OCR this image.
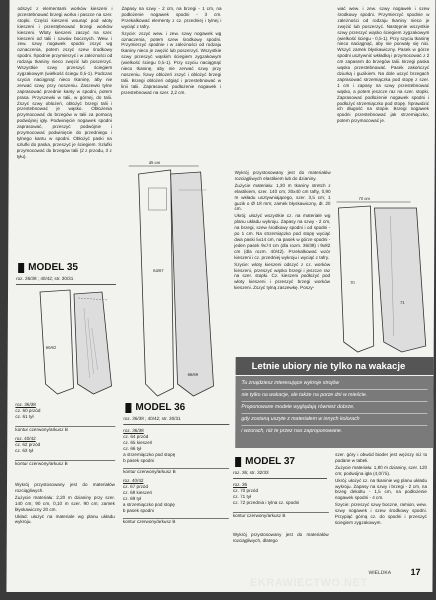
odszyć z elementami worków kieszeni i przestebnować brzegi worka i paszce na szer. stopki. Części kieszeni wsunąć pod wloty kieszeni i przestębnować brzegi worków kieszeni. Wloty kieszeni zaszyć na szer. kieszeni od talii i szwów bocznych. Wew. i zew. szwy nogawek spodni zszyć wg oznaczenia, potem zszyć szew środkowy spodni. Spodnie przymierzyć i w zależności od rodzaju tkaniny nieco zwężić lub poszerzyć. Wszystkie szwy przeszyć ściegiem zygzakowym (wielkość ściegu 0,5-1). Podczas szycia naciągnąć nieco tkaninę, aby nie zerwać szwy przy noszeniu. Zaszewki tylne zaprasować przednie kanty w spodni, potem prasa. Przyszewki w talii, w górnej, do talii. Zszyć szwy oblożeń, oblożyć brzegi talii i przestebnować je wąsko. Oblożenia przymocować do brzegów w talii za pomocą podwójnej igły. Podwinięcie nogawek spodni zaprasować, przeszyć podwójnie i przymocować podwinięcie do przedniego i tylnego kantu w spodni. Oblożyć paski na szlufki do paska, przeszyć je ściegiem. Szlufki przymocować do brzegów talii (2 z przodu, 3 z tyłu).

MODEL 35
roz. 36/38 ; 40/42; str. 30/31
60/62
roz. 36/38
cz. 60 przód
cz. 61 tył
kontur czerwony/arkusz B
roz. 40/42
cz. 62 przód
cz. 63 tył
kontur czerwony/arkusz B

Wykrój przystosowany jest do materiałów rozciągliwych.

Zużycie materiału: 2,20 m dzianiny przy szer. 140 cm; 90 cm, 0,10 m szer. 90 cm; zamek błyskawiczny 20 cm.

Układ: ułożyć na materiale wg planu układu wykroju.

Zapasy na szwy - 2 cm, na brzegi - 1 cm, na podłożenie nogawek spodni - 3 cm. Przekalkować elementy z cz. przedniej i tylnej i wyciąć z tafry.

Szycie: zszyć wew. i zew. szwy nogawek wg oznaczenia, potem szew środkowy spodni. Przymierzyć spodnie i w zależności od rodzaju tkaniny nieco je zwężić lub poszerzyć. Wszystkie szwy przeszyć wąskim ściegiem zygzakowym (wielkość ściegu 0,5-1). Przy szyciu naciągnąć nieco tkaninę, aby nie zerwać szwy przy noszeniu. Szwy oblożeń zszyć i oblożyć brzegi talii. Brzegi oblożeń odgiąć i przestebnować w linii talii. Zaprasować podłożenie nogawek i przestebnować na szer. 2,2 cm.

45 cm
64/67
66/69
MODEL 36
roz. 36/38 ; 40/42; str. 30/31
roz. 36/38
cz. 64 przód
cz. 65 kieszeń
cz. 66 tył
a strzemiączko pod stopę
b pasek spodni
kontur czerwony/arkusz B
roz. 40/42
cz. 67 przód
cz. 68 kieszeń
cz. 69 tył
a strzemiączko pod stopę
b pasek spodni
kontur czerwony/arkusz B

Wykrój przystosowany jest do materiałów rozciągliwych elastikiem lub do dzianiny.

Zużycie materiału: 1,30 m tkaniny stretch z elastikiem, szer. 140 cm; 30x40 cm tafty, 0,90 m wkładu usztywniającego, szer. 3,5 cm; 1 guzik o Ø 18 mm; zamek błyskawiczny, dł. 20 cm.

Ukrój: ułożyć wszystkie cz. na materiale wg planu układu wykroju. Zapasy na szwy - 2 cm, na brzegi, szew środkowy spodni i od spodni - po 1 cm. Na strzemiączko pod stopę wyciąć dwa paski 5x14 cm, na pasek w górze spodni - jeden pasek 9x74 cm (dla rozm. 36/38) i 9x82 cm (dla rozm. 40/42). Przekalkować wzór kieszeni i cz. przedniej wykroju i wyciąć z tafry.

Szycie: wloty kieszeni odszyć z cz. worków kieszeni, przeszyć wąsko brzegi i jeszcze raz na szer. stopki. Cz. kieszeni podłożyć pod wloty kieszeni i przeszyć brzegi worków kieszeni. Zszyć tylną zaszewkę. Poszy-

wać wew. i zew. szwy nogawek i szew środkowy spodni. Przymierzyć spodnie w zależności od rodzaju tkaniny nieco je zwężić lub poszerzyć. Następnie wszystkie szwy przeszyć wąsko ściegiem zygzakowym (wielkość ściegu - 0,5-1). Przy szyciu tkaninę nieco naciągnąć, aby nie porwały się nici. Wszyć zamek błyskawiczny. Pasek w górze spodni usztywnić wkładką i przymocować z 2 cm zapasem do brzegów talii. Brzegi paska wąsko przestebnować. Pasek zakończyć dziurką i guzikiem. Na dole uszyć brzegach zaprasować strzemiączka pod stopę z szer. 1 cm i zapasy na szwy przestebnować wąsko, a potem jeszcze raz na szer. stopki. Zaprasować podłożenie nogawek spodni i podłożyć strzemiączko pod stopę. Sprawdzić ich długość na stopie. Brzegi nogawek spodni przestebnować jak strzemiączko, potem przymocować je.

70 cm
70
71
Letnie ubiory nie tylko na wakacje
Tu znajdziesz interesujące wykroje strojów
nie tylko na wakacje, ale także na porze dni w mieście.
Proponowane modele wyglądają również dobrze,
gdy zostaną uszyte z materiałem w innych kolorach
i wzorach, niż te przez nas zaproponowane.
MODEL 37
roz. 36; str. 32/33
roz. 36
cz. 70 przód
cz. 71 tył
cz. 72 przednia i tylna cz. spodni
kontur czerwony/arkusz B

Wykrój przystosowany jest do materiałów rozciągliwych, dlatego

szer. góry i obwód bioder jest węższy niż to podane w tabeli.

Zużycie materiału: 1,80 m dzianiny, szer. 120 cm; podwójna igła (4,0/75).

Ukrój: ułożyć cz. na tkaninie wg planu układu wykroju. Zapasy na szwy i brzegi - 2 cm, na brzeg dekoltu - 1,5 cm, na podłożenie nogawek spodni - 4 cm.

Szycie: przeszyć szwy boczne, ramion, wew. szwy nogawek i szew środkowy spodni. Przypiąć górną cz. do spodni i przeszyć ściegiem zygzakowym.

WIELDKA 17
EKRAWIECTWO.NET
